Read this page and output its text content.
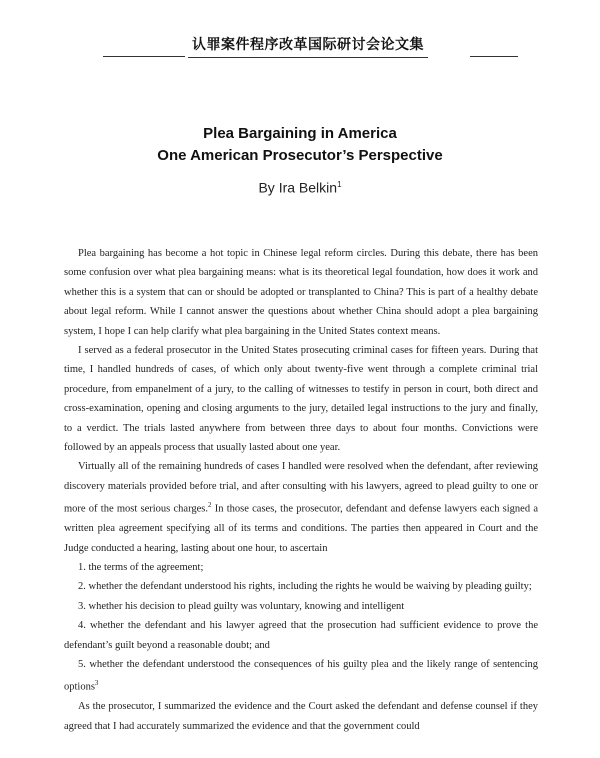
认罪案件程序改革国际研讨会论文集
Plea Bargaining in America
One American Prosecutor’s Perspective
By Ira Belkin$^1$

Plea bargaining has become a hot topic in Chinese legal reform circles. During this debate, there has been some confusion over what plea bargaining means: what is its theoretical legal foundation, how does it work and whether this is a system that can or should be adopted or transplanted to China? This is part of a healthy debate about legal reform. While I cannot answer the questions about whether China should adopt a plea bargaining system, I hope I can help clarify what plea bargaining in the United States context means.

I served as a federal prosecutor in the United States prosecuting criminal cases for fifteen years. During that time, I handled hundreds of cases, of which only about twenty-five went through a complete criminal trial procedure, from empanelment of a jury, to the calling of witnesses to testify in person in court, both direct and cross-examination, opening and closing arguments to the jury, detailed legal instructions to the jury and finally, to a verdict. The trials lasted anywhere from between three days to about four months. Convictions were followed by an appeals process that usually lasted about one year.

Virtually all of the remaining hundreds of cases I handled were resolved when the defendant, after reviewing discovery materials provided before trial, and after consulting with his lawyers, agreed to plead guilty to one or more of the most serious charges.$^2$ In those cases, the prosecutor, defendant and defense lawyers each signed a written plea agreement specifying all of its terms and conditions. The parties then appeared in Court and the Judge conducted a hearing, lasting about one hour, to ascertain

1. the terms of the agreement;

2. whether the defendant understood his rights, including the rights he would be waiving by pleading guilty;

3. whether his decision to plead guilty was voluntary, knowing and intelligent

4. whether the defendant and his lawyer agreed that the prosecution had sufficient evidence to prove the defendant’s guilt beyond a reasonable doubt; and

5. whether the defendant understood the consequences of his guilty plea and the likely range of sentencing options$^3$

As the prosecutor, I summarized the evidence and the Court asked the defendant and defense counsel if they agreed that I had accurately summarized the evidence and that the government could
